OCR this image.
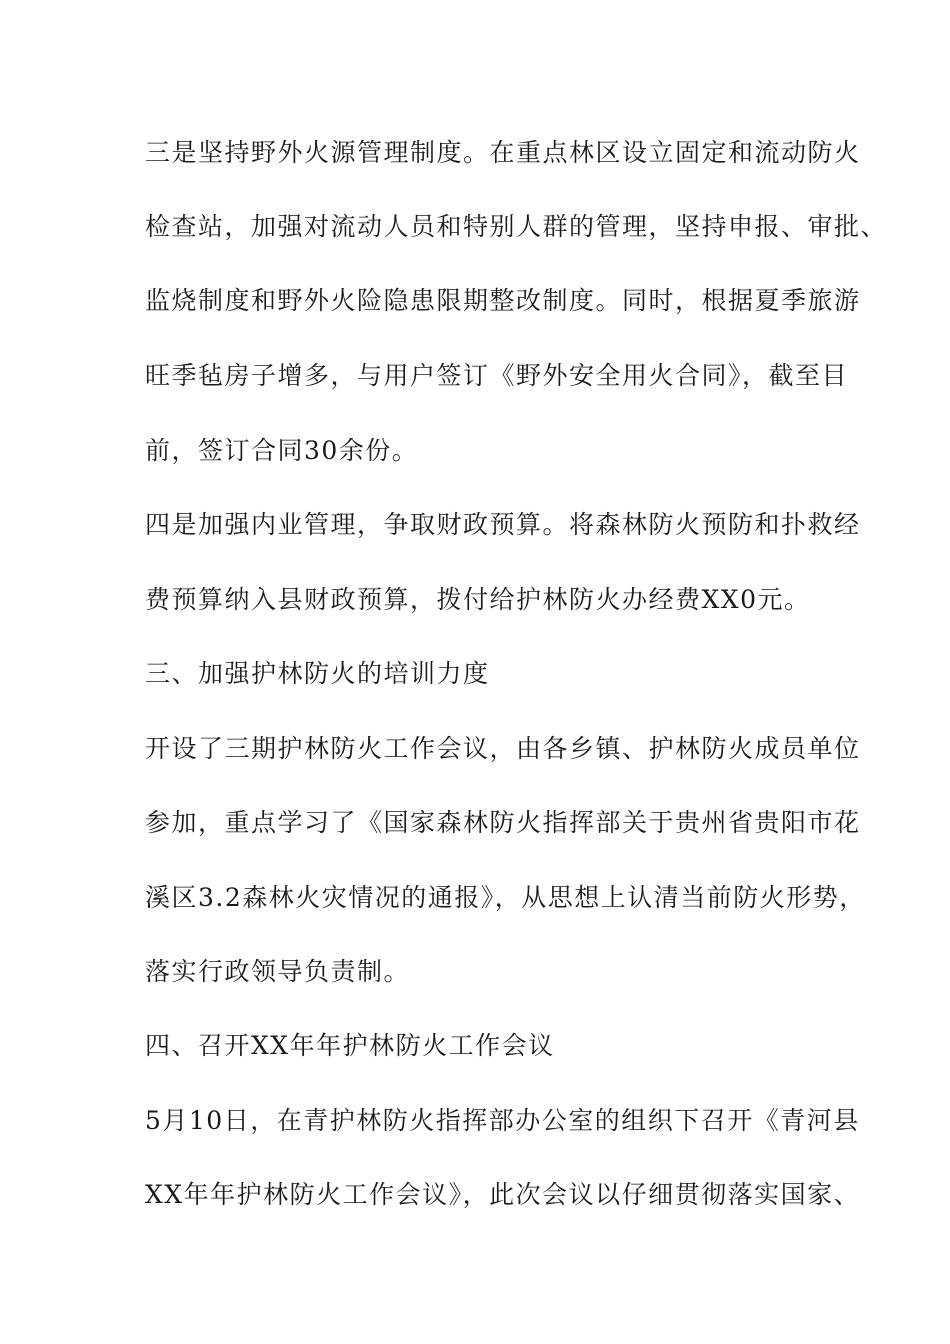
三是坚持野外火源管理制度。在重点林区设立固定和流动防火
检查站，加强对流动人员和特别人群的管理，坚持申报、审批、
监烧制度和野外火险隐患限期整改制度。同时，根据夏季旅游
旺季毡房子增多，与用户签订《野外安全用火合同》，截至目
前，签订合同30余份。
四是加强内业管理，争取财政预算。将森林防火预防和扑救经
费预算纳入县财政预算，拨付给护林防火办经费XX0元。
三、加强护林防火的培训力度
开设了三期护林防火工作会议，由各乡镇、护林防火成员单位
参加，重点学习了《国家森林防火指挥部关于贵州省贵阳市花
溪区3.2森林火灾情况的通报》，从思想上认清当前防火形势，
落实行政领导负责制。
四、召开XX年年护林防火工作会议
5月10日，在青护林防火指挥部办公室的组织下召开《青河县
XX年年护林防火工作会议》，此次会议以仔细贯彻落实国家、
